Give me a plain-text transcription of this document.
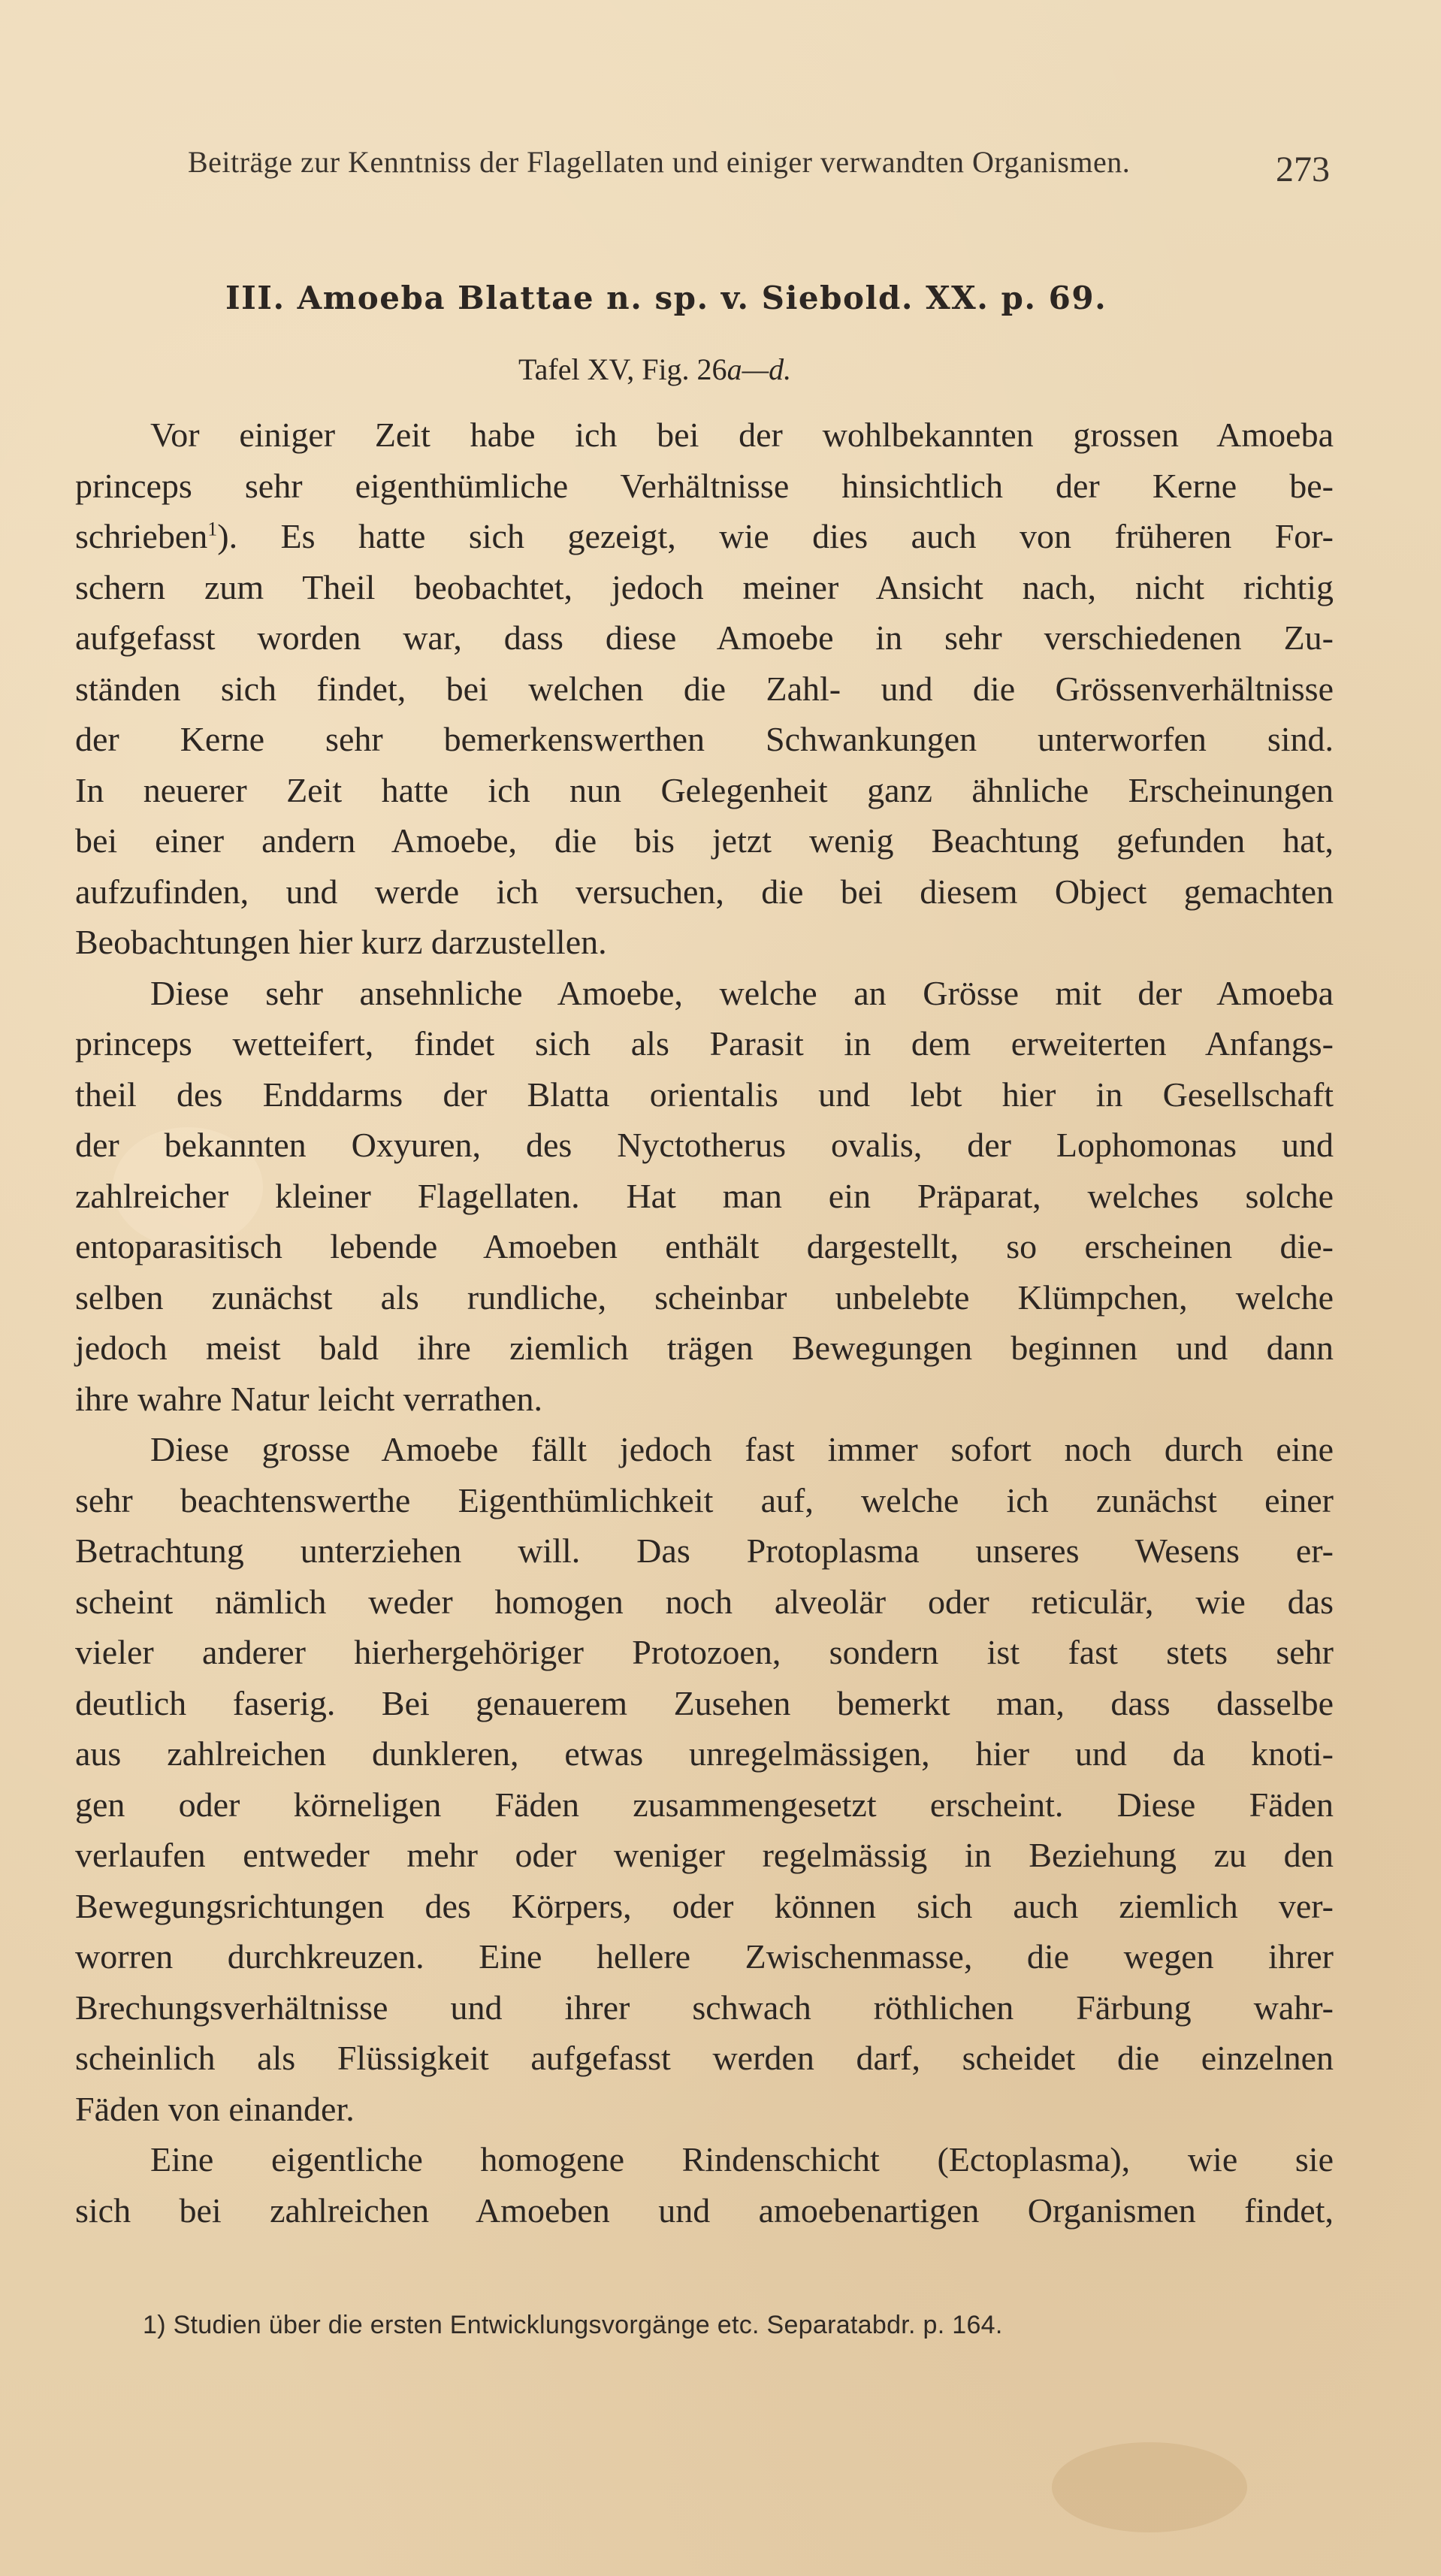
Beiträge zur Kenntniss der Flagellaten und einiger verwandten Organismen.	273
III. Amoeba Blattae n. sp. v. Siebold. XX. p. 69.
Tafel XV, Fig. 26a—d.
Vor einiger Zeit habe ich bei der wohlbekannten grossen Amoeba
princeps sehr eigenthümliche Verhältnisse hinsichtlich der Kerne be-
schrieben$^1$). Es hatte sich gezeigt, wie dies auch von früheren For-
schern zum Theil beobachtet, jedoch meiner Ansicht nach, nicht richtig
aufgefasst worden war, dass diese Amoebe in sehr verschiedenen Zu-
ständen sich findet, bei welchen die Zahl- und die Grössenverhältnisse
der Kerne sehr bemerkenswerthen Schwankungen unterworfen sind.
In neuerer Zeit hatte ich nun Gelegenheit ganz ähnliche Erscheinungen
bei einer andern Amoebe, die bis jetzt wenig Beachtung gefunden hat,
aufzufinden, und werde ich versuchen, die bei diesem Object gemachten
Beobachtungen hier kurz darzustellen.
Diese sehr ansehnliche Amoebe, welche an Grösse mit der Amoeba
princeps wetteifert, findet sich als Parasit in dem erweiterten Anfangs-
theil des Enddarms der Blatta orientalis und lebt hier in Gesellschaft
der bekannten Oxyuren, des Nyctotherus ovalis, der Lophomonas und
zahlreicher kleiner Flagellaten. Hat man ein Präparat, welches solche
entoparasitisch lebende Amoeben enthält dargestellt, so erscheinen die-
selben zunächst als rundliche, scheinbar unbelebte Klümpchen, welche
jedoch meist bald ihre ziemlich trägen Bewegungen beginnen und dann
ihre wahre Natur leicht verrathen.
Diese grosse Amoebe fällt jedoch fast immer sofort noch durch eine
sehr beachtenswerthe Eigenthümlichkeit auf, welche ich zunächst einer
Betrachtung unterziehen will. Das Protoplasma unseres Wesens er-
scheint nämlich weder homogen noch alveolär oder reticulär, wie das
vieler anderer hierhergehöriger Protozoen, sondern ist fast stets sehr
deutlich faserig. Bei genauerem Zusehen bemerkt man, dass dasselbe
aus zahlreichen dunkleren, etwas unregelmässigen, hier und da knoti-
gen oder körneligen Fäden zusammengesetzt erscheint. Diese Fäden
verlaufen entweder mehr oder weniger regelmässig in Beziehung zu den
Bewegungsrichtungen des Körpers, oder können sich auch ziemlich ver-
worren durchkreuzen. Eine hellere Zwischenmasse, die wegen ihrer
Brechungsverhältnisse und ihrer schwach röthlichen Färbung wahr-
scheinlich als Flüssigkeit aufgefasst werden darf, scheidet die einzelnen
Fäden von einander.
Eine eigentliche homogene Rindenschicht (Ectoplasma), wie sie
sich bei zahlreichen Amoeben und amoebenartigen Organismen findet,
1) Studien über die ersten Entwicklungsvorgänge etc. Separatabdr. p. 164.
